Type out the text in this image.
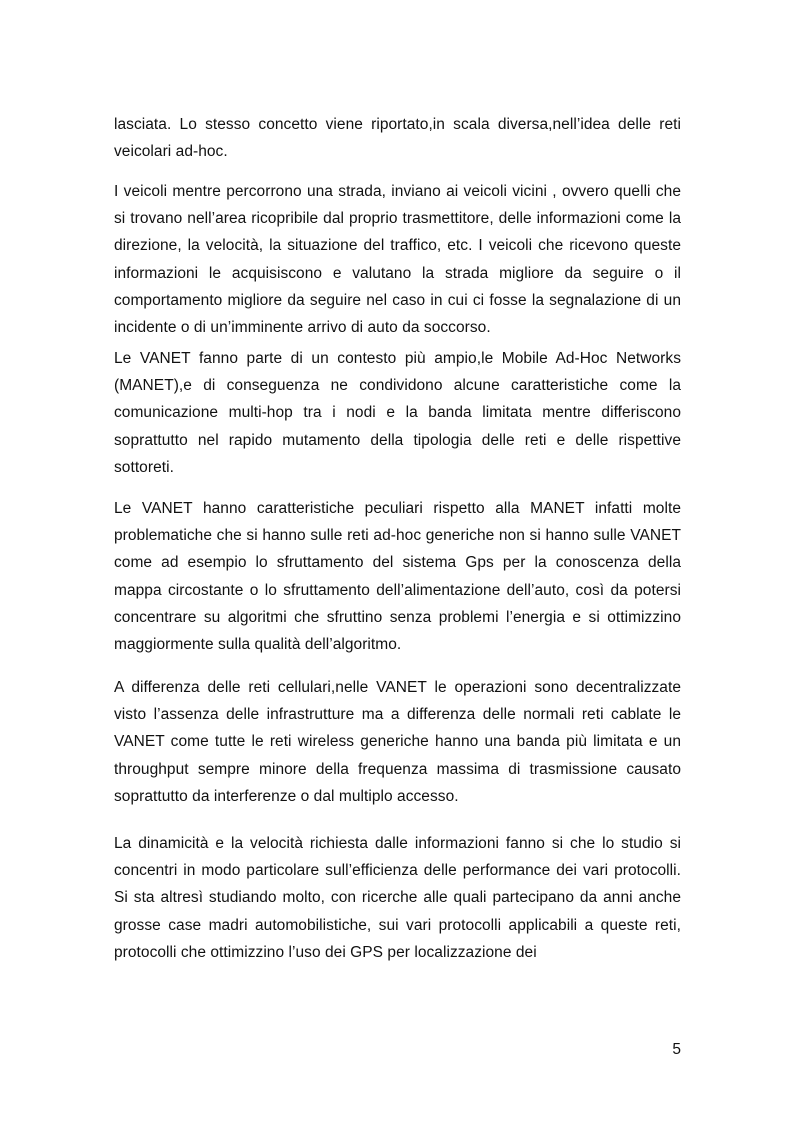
lasciata. Lo stesso concetto viene riportato,in scala diversa,nell’idea delle reti veicolari ad-hoc.

I veicoli mentre percorrono una strada, inviano ai veicoli vicini , ovvero quelli che si trovano nell’area ricopribile dal proprio trasmettitore, delle informazioni come la direzione, la velocità, la situazione del traffico, etc. I veicoli che ricevono queste informazioni le acquisiscono e valutano la strada migliore da seguire o il comportamento migliore da seguire nel caso in cui ci fosse la segnalazione di un incidente o di un’imminente arrivo di auto da soccorso.

Le VANET fanno parte di un contesto più ampio,le Mobile Ad-Hoc Networks (MANET),e di conseguenza ne condividono alcune caratteristiche come la comunicazione multi-hop tra i nodi e la banda limitata mentre differiscono soprattutto nel rapido mutamento della tipologia delle reti e delle rispettive sottoreti.

Le VANET hanno caratteristiche peculiari rispetto alla MANET infatti molte problematiche che si hanno sulle reti ad-hoc generiche non si hanno sulle VANET come ad esempio lo sfruttamento del sistema Gps per la conoscenza della mappa circostante o lo sfruttamento dell’alimentazione dell’auto, così da potersi concentrare su algoritmi che sfruttino senza problemi l’energia e si ottimizzino maggiormente sulla qualità dell’algoritmo.

A differenza delle reti cellulari,nelle VANET le operazioni sono decentralizzate visto l’assenza delle infrastrutture ma a differenza delle normali reti cablate le VANET come tutte le reti wireless generiche hanno una banda più limitata e un throughput sempre minore della frequenza massima di trasmissione causato soprattutto da interferenze o dal multiplo accesso.

La dinamicità e la velocità richiesta dalle informazioni fanno si che lo studio si concentri in modo particolare sull’efficienza delle performance dei vari protocolli. Si sta altresì studiando molto, con ricerche alle quali partecipano da anni anche grosse case madri automobilistiche, sui vari protocolli applicabili a queste reti, protocolli che ottimizzino l’uso dei GPS per localizzazione dei

5
